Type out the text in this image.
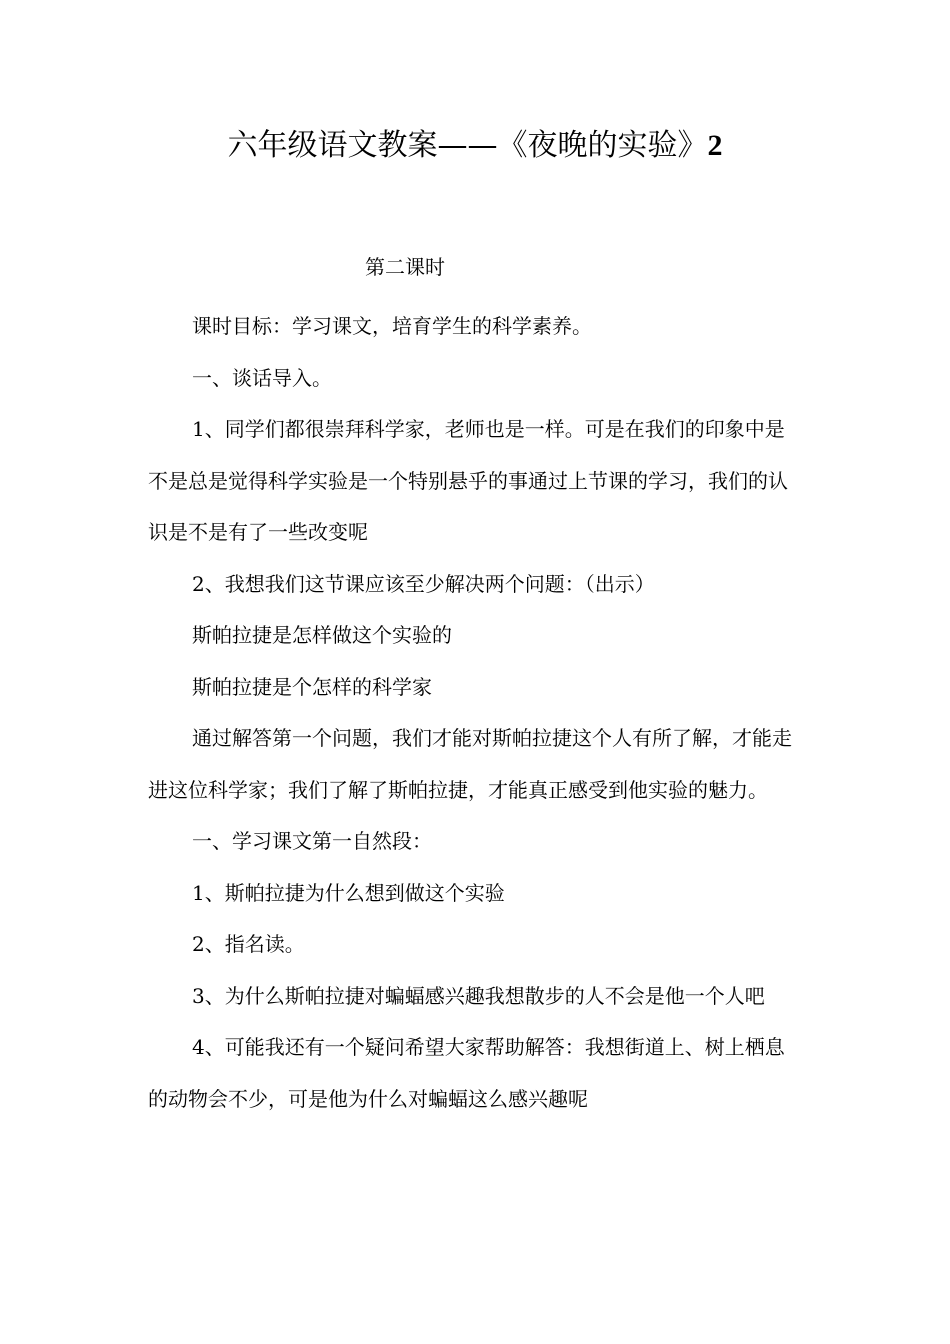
六年级语文教案——《夜晚的实验》2
第二课时

课时目标：学习课文，培育学生的科学素养。

一、谈话导入。

1、同学们都很崇拜科学家，老师也是一样。可是在我们的印象中是不是总是觉得科学实验是一个特别悬乎的事通过上节课的学习，我们的认识是不是有了一些改变呢

2、我想我们这节课应该至少解决两个问题：（出示）

斯帕拉捷是怎样做这个实验的

斯帕拉捷是个怎样的科学家

通过解答第一个问题，我们才能对斯帕拉捷这个人有所了解，才能走进这位科学家；我们了解了斯帕拉捷，才能真正感受到他实验的魅力。

一、学习课文第一自然段：

1、斯帕拉捷为什么想到做这个实验

2、指名读。

3、为什么斯帕拉捷对蝙蝠感兴趣我想散步的人不会是他一个人吧

4、可能我还有一个疑问希望大家帮助解答：我想街道上、树上栖息的动物会不少，可是他为什么对蝙蝠这么感兴趣呢
